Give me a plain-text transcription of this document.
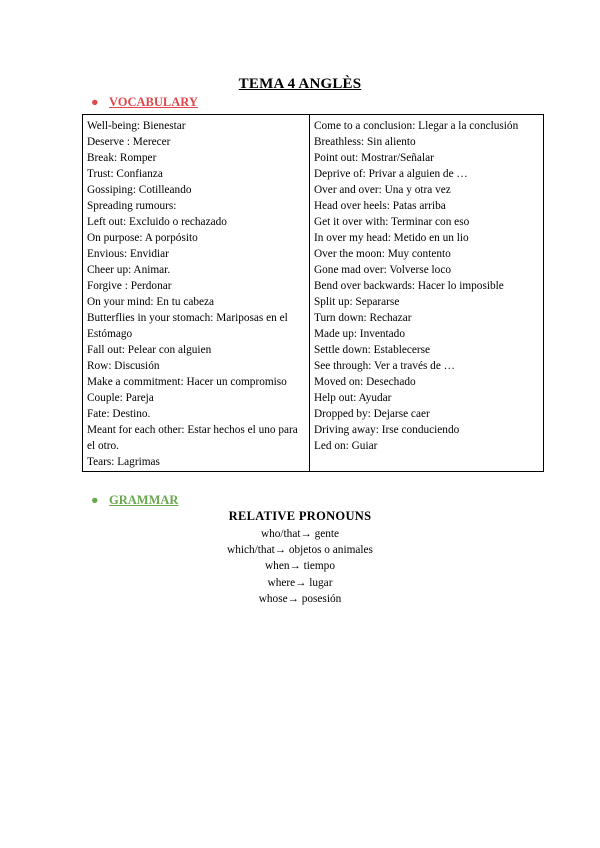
TEMA 4 ANGLÈS
● VOCABULARY
Well-being: Bienestar
Deserve : Merecer
Break: Romper
Trust: Confianza
Gossiping: Cotilleando
Spreading rumours:
Left out: Excluido o rechazado
On purpose: A porpósito
Envious: Envidiar
Cheer up: Animar.
Forgive : Perdonar
On your mind: En tu cabeza
Butterflies in your stomach: Mariposas en el Estómago
Fall out: Pelear con alguien
Row: Discusión
Make a commitment: Hacer un compromiso
Couple: Pareja
Fate: Destino.
Meant for each other: Estar hechos el uno para el otro.
Tears: Lagrimas
Come to a conclusion: Llegar a la conclusión
Breathless: Sin aliento
Point out: Mostrar/Señalar
Deprive of: Privar a alguien de …
Over and over: Una y otra vez
Head over heels: Patas arriba
Get it over with: Terminar con eso
In over my head: Metido en un lio
Over the moon: Muy contento
Gone mad over: Volverse loco
Bend over backwards: Hacer lo imposible
Split up: Separarse
Turn down: Rechazar
Made up: Inventado
Settle down: Establecerse
See through: Ver a través de …
Moved on: Desechado
Help out: Ayudar
Dropped by: Dejarse caer
Driving away: Irse conduciendo
Led on: Guiar
● GRAMMAR
RELATIVE PRONOUNS
who/that→ gente
which/that→ objetos o animales
when→ tiempo
where→ lugar
whose→ posesión
